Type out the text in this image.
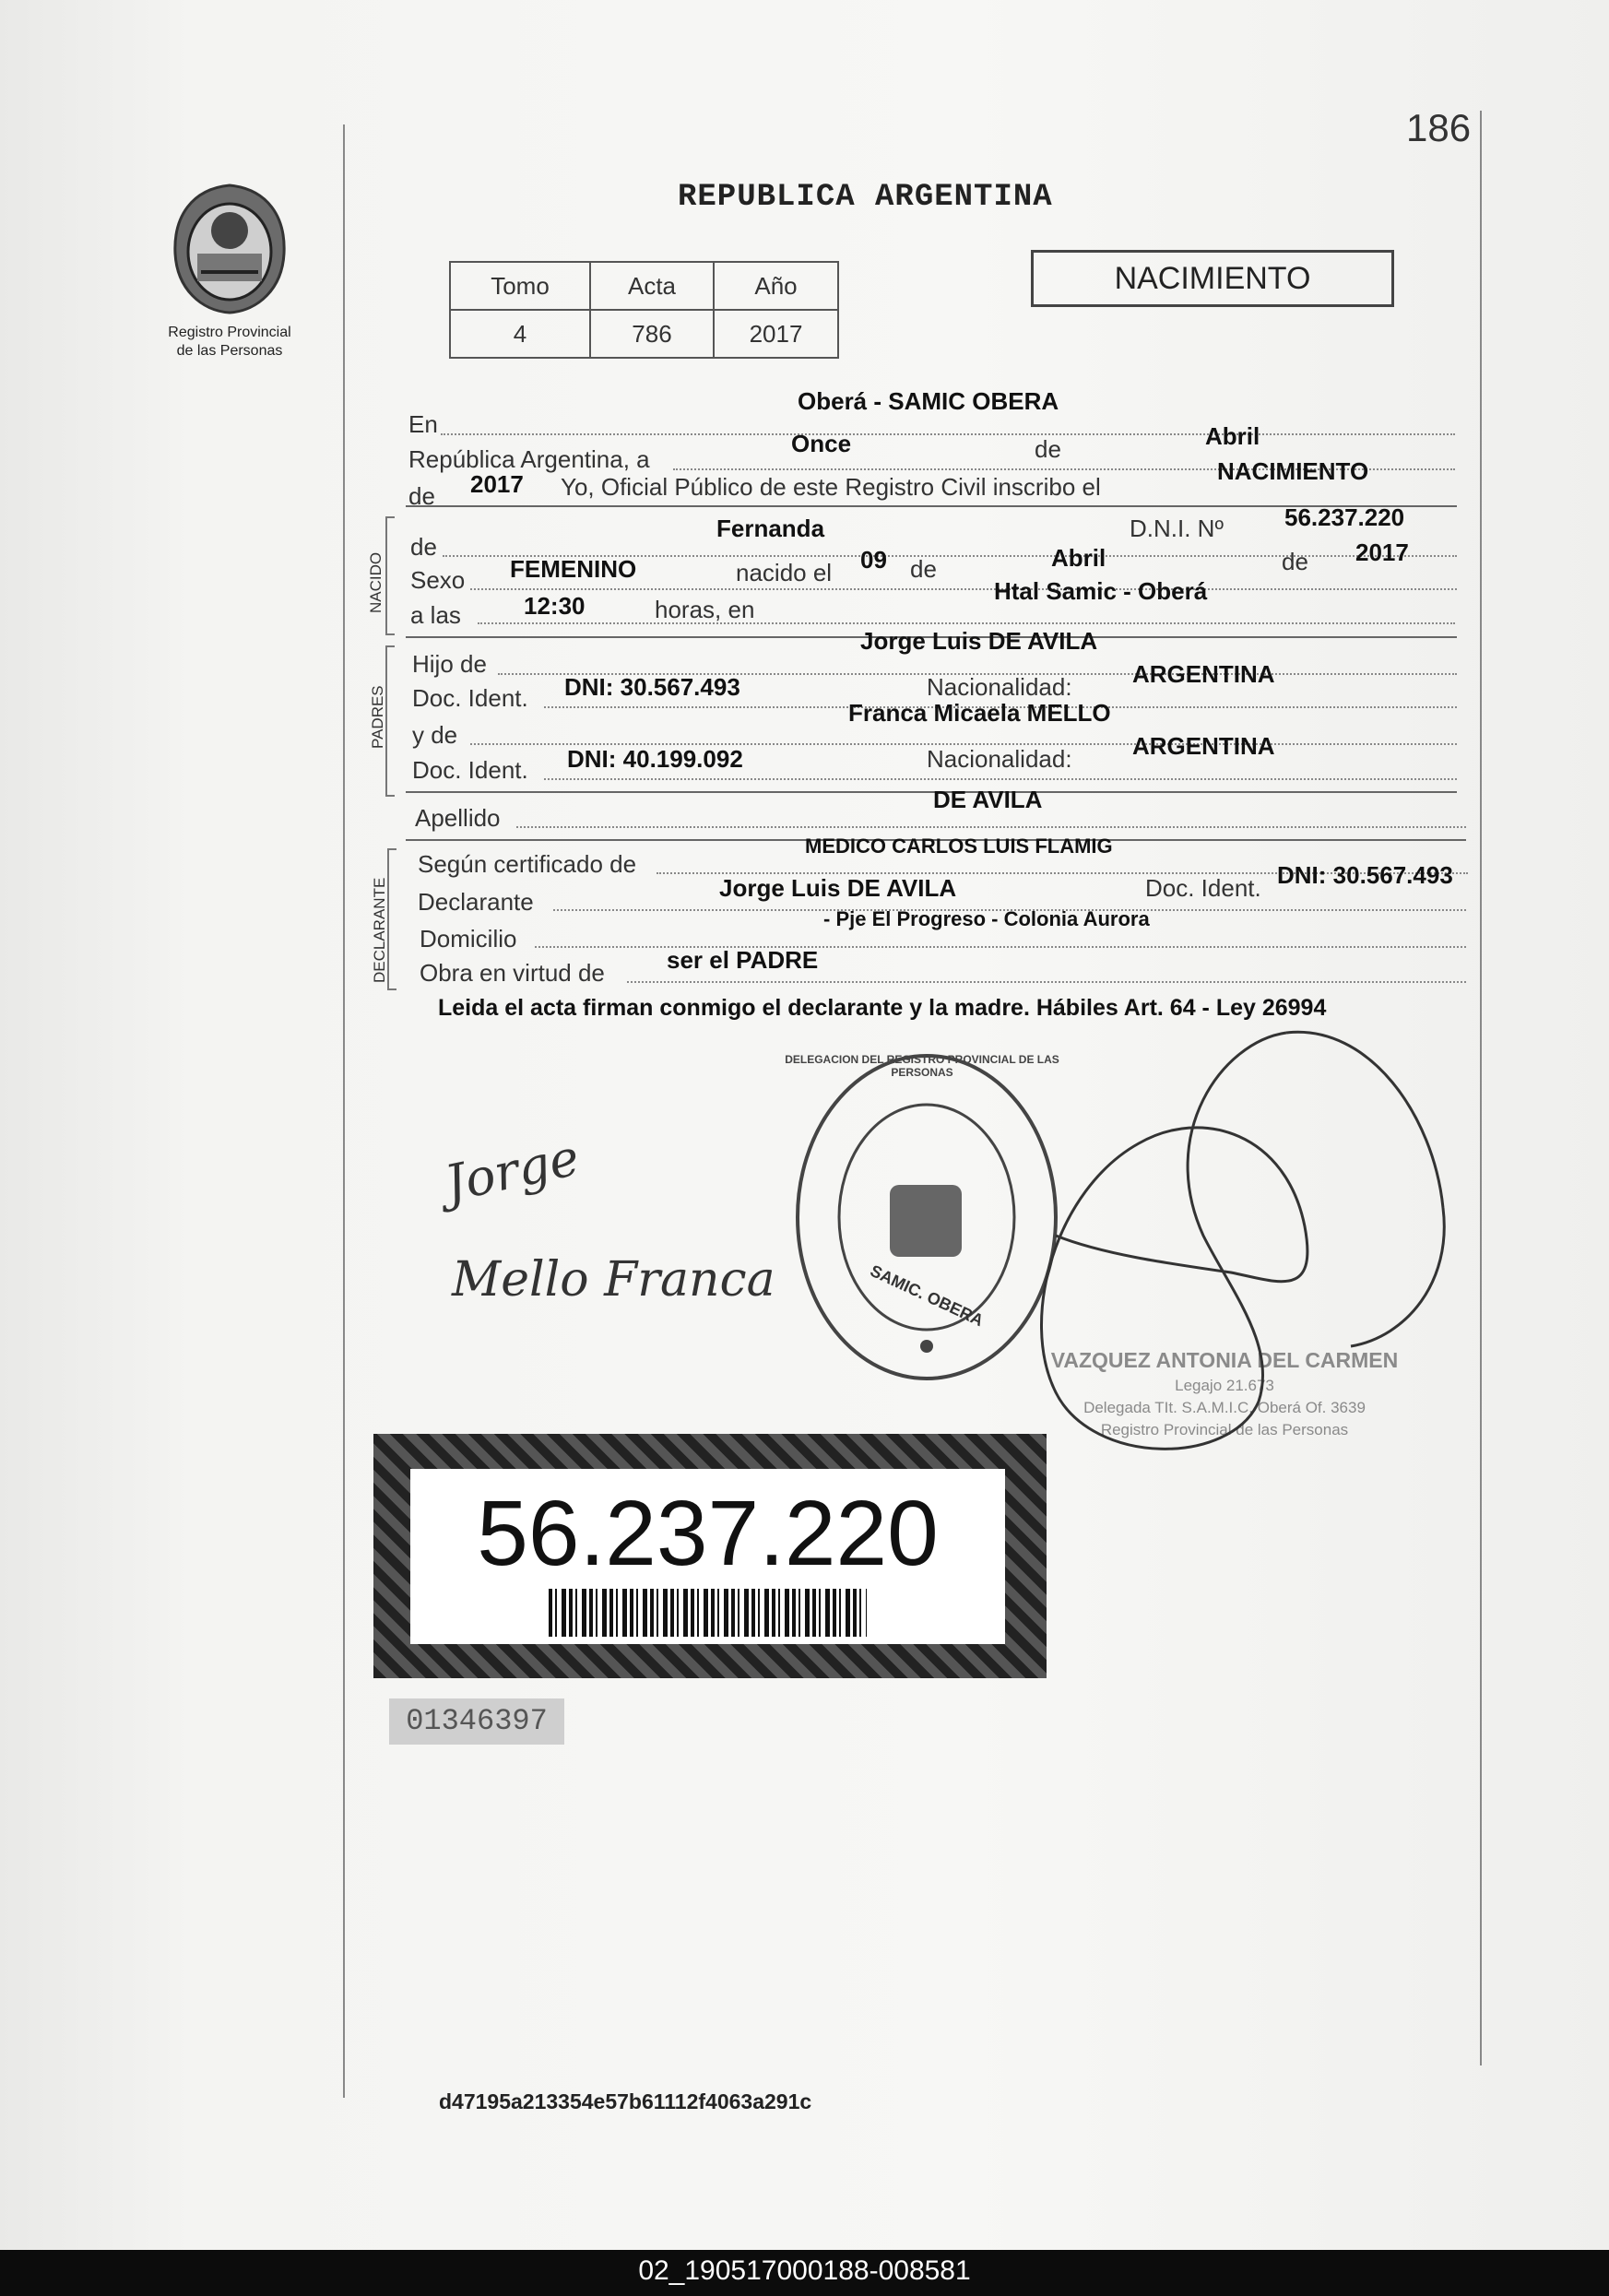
186
Registro Provincial
de las Personas
REPUBLICA ARGENTINA
Tomo	Acta	Año
4	786	2017
NACIMIENTO
En
Oberá - SAMIC OBERA
República Argentina, a
Once	de	Abril
de 2017 Yo, Oficial Público de este Registro Civil inscribo el
NACIMIENTO
NACIDO
de
Fernanda	D.N.I. Nº	56.237.220
Sexo FEMENINO	nacido el 09 de	Abril	de 2017
a las	12:30	horas, en
Htal Samic - Oberá
PADRES
Hijo de
Jorge Luis DE AVILA
Doc. Ident. DNI: 30.567.493	Nacionalidad:	ARGENTINA
y de
Franca Micaela MELLO
Doc. Ident. DNI: 40.199.092	Nacionalidad:	ARGENTINA
Apellido
DE AVILA
DECLARANTE
Según certificado de
MEDICO CARLOS LUIS FLAMIG
Declarante	Jorge Luis DE AVILA	Doc. Ident. DNI: 30.567.493
Domicilio
- Pje El Progreso - Colonia Aurora
Obra en virtud de	ser el PADRE
Leida el acta firman conmigo el declarante y la madre. Hábiles Art. 64 - Ley 26994
Jorge
Mello Franca	SAMIC. OBERA
DELEGACION DEL REGISTRO PROVINCIAL DE LAS PERSONAS
VAZQUEZ ANTONIA DEL CARMEN
Legajo 21.673
Delegada TIt. S.A.M.I.C. Oberá Of. 3639
Registro Provincial de las Personas
56.237.220
01346397
d47195a213354e57b61112f4063a291c
02_190517000188-008581
